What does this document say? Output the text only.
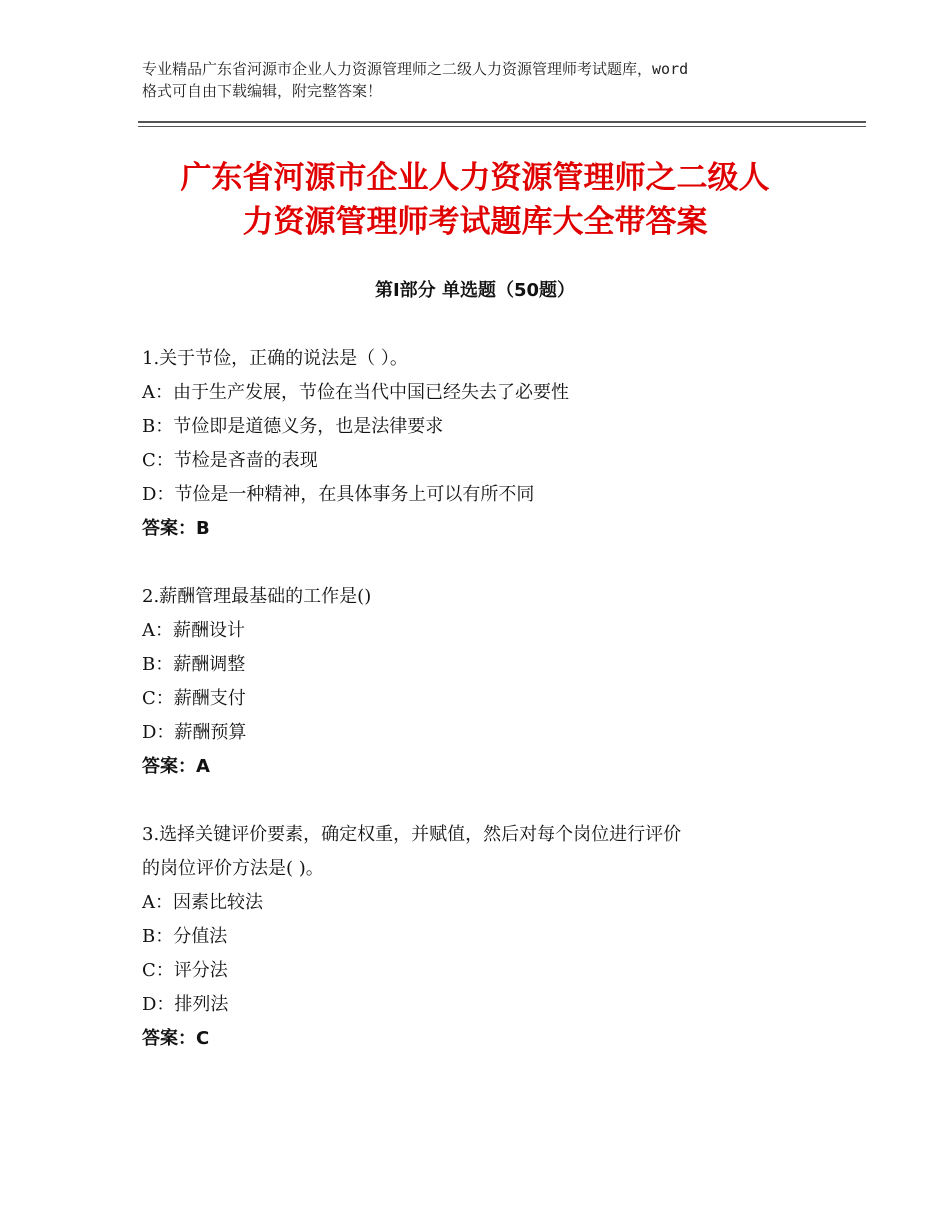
专业精品广东省河源市企业人力资源管理师之二级人力资源管理师考试题库，word
格式可自由下载编辑，附完整答案！
广东省河源市企业人力资源管理师之二级人
力资源管理师考试题库大全带答案
第Ⅰ部分 单选题（50题）
1.关于节俭，正确的说法是（ ）。
A：由于生产发展，节俭在当代中国已经失去了必要性
B：节俭即是道德义务，也是法律要求
C：节检是吝啬的表现
D：节俭是一种精神，在具体事务上可以有所不同
答案：B
2.薪酬管理最基础的工作是()
A：薪酬设计
B：薪酬调整
C：薪酬支付
D：薪酬预算
答案：A
3.选择关键评价要素，确定权重，并赋值，然后对每个岗位进行评价
的岗位评价方法是( )。
A：因素比较法
B：分值法
C：评分法
D：排列法
答案：C
